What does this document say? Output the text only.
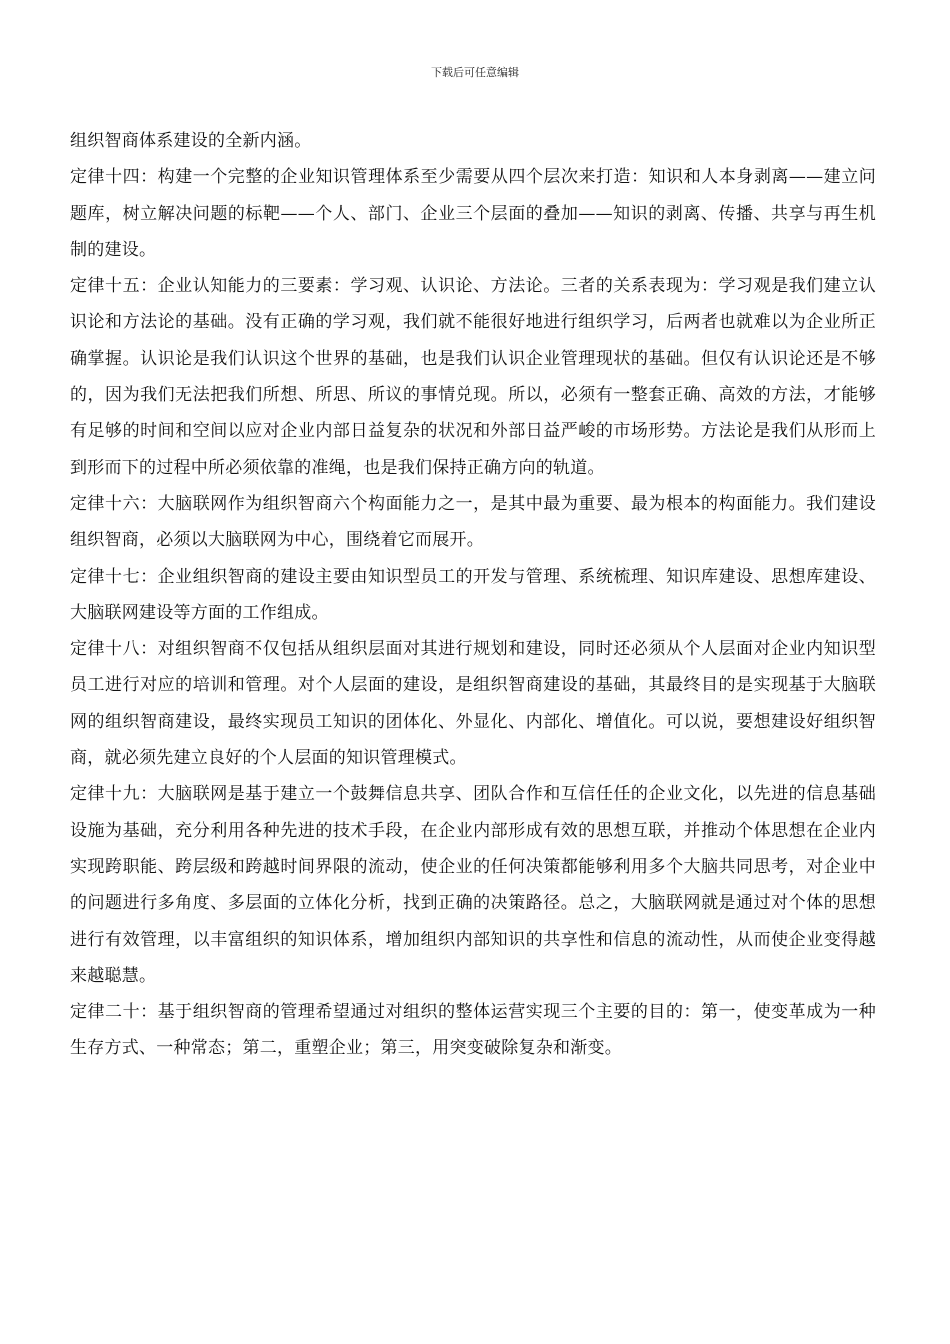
下载后可任意编辑

组织智商体系建设的全新内涵。

定律十四：构建一个完整的企业知识管理体系至少需要从四个层次来打造：知识和人本身剥离——建立问题库，树立解决问题的标靶——个人、部门、企业三个层面的叠加——知识的剥离、传播、共享与再生机制的建设。

定律十五：企业认知能力的三要素：学习观、认识论、方法论。三者的关系表现为：学习观是我们建立认识论和方法论的基础。没有正确的学习观，我们就不能很好地进行组织学习，后两者也就难以为企业所正确掌握。认识论是我们认识这个世界的基础，也是我们认识企业管理现状的基础。但仅有认识论还是不够的，因为我们无法把我们所想、所思、所议的事情兑现。所以，必须有一整套正确、高效的方法，才能够有足够的时间和空间以应对企业内部日益复杂的状况和外部日益严峻的市场形势。方法论是我们从形而上到形而下的过程中所必须依靠的准绳，也是我们保持正确方向的轨道。

定律十六：大脑联网作为组织智商六个构面能力之一，是其中最为重要、最为根本的构面能力。我们建设组织智商，必须以大脑联网为中心，围绕着它而展开。

定律十七：企业组织智商的建设主要由知识型员工的开发与管理、系统梳理、知识库建设、思想库建设、大脑联网建设等方面的工作组成。

定律十八：对组织智商不仅包括从组织层面对其进行规划和建设，同时还必须从个人层面对企业内知识型员工进行对应的培训和管理。对个人层面的建设，是组织智商建设的基础，其最终目的是实现基于大脑联网的组织智商建设，最终实现员工知识的团体化、外显化、内部化、增值化。可以说，要想建设好组织智商，就必须先建立良好的个人层面的知识管理模式。

定律十九：大脑联网是基于建立一个鼓舞信息共享、团队合作和互信任任的企业文化，以先进的信息基础设施为基础，充分利用各种先进的技术手段，在企业内部形成有效的思想互联，并推动个体思想在企业内实现跨职能、跨层级和跨越时间界限的流动，使企业的任何决策都能够利用多个大脑共同思考，对企业中的问题进行多角度、多层面的立体化分析，找到正确的决策路径。总之，大脑联网就是通过对个体的思想进行有效管理，以丰富组织的知识体系，增加组织内部知识的共享性和信息的流动性，从而使企业变得越来越聪慧。

定律二十：基于组织智商的管理希望通过对组织的整体运营实现三个主要的目的：第一，使变革成为一种生存方式、一种常态；第二，重塑企业；第三，用突变破除复杂和渐变。
